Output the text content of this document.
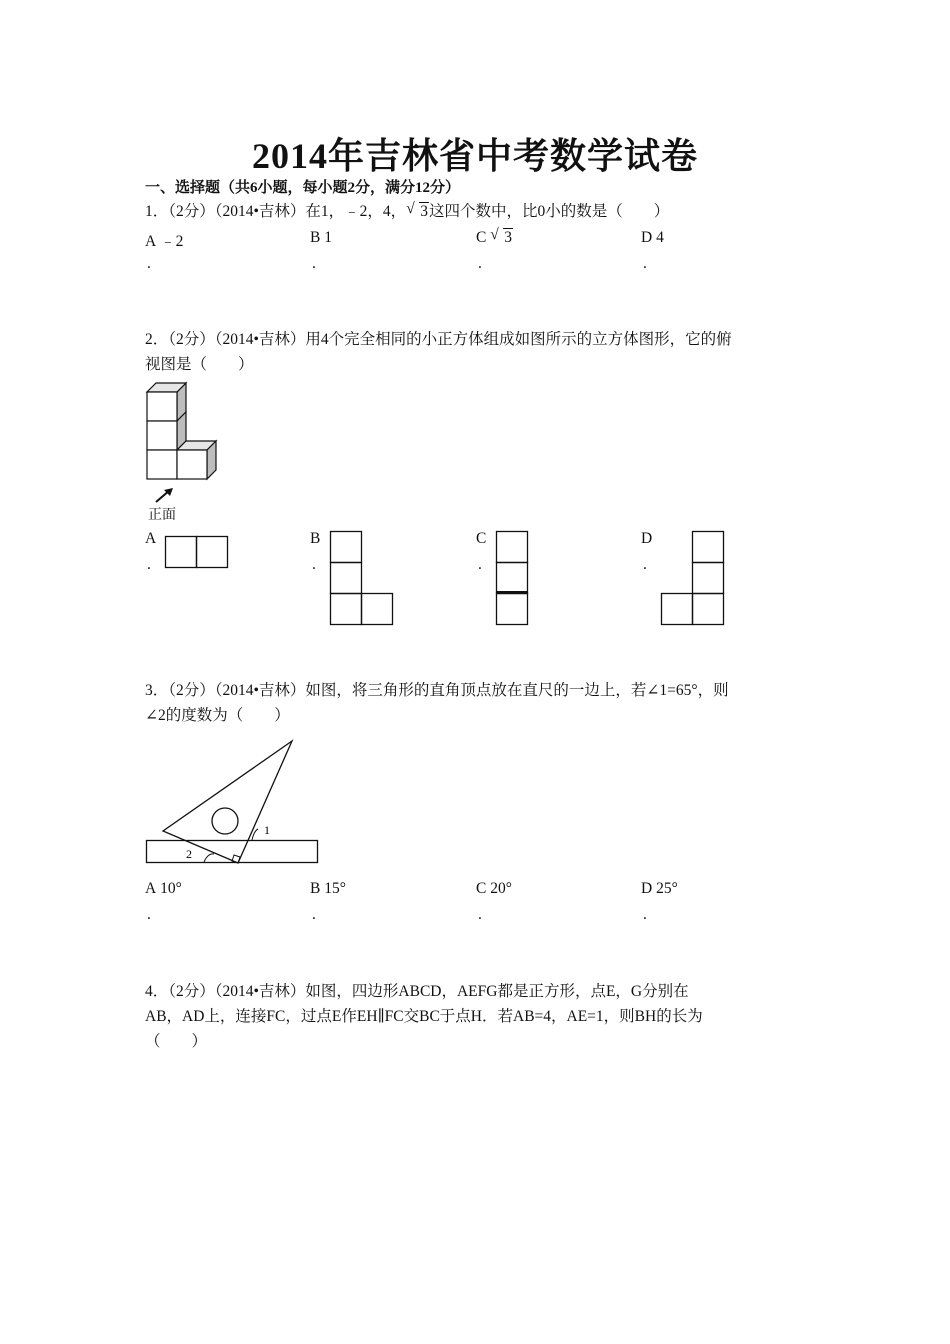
2014年吉林省中考数学试卷
一、选择题（共6小题，每小题2分，满分12分）
1．（2分）（2014•吉林）在1，﹣2，4， √ 3这四个数中，比0小的数是（　　）
A ﹣2	B 1	C √ 3	D 4
.	.	.	.
2．（2分）（2014•吉林）用4个完全相同的小正方体组成如图所示的立方体图形，它的俯
视图是（　　）
正面
A	B	C	D
.	.	.	.
3．（2分）（2014•吉林）如图，将三角形的直角顶点放在直尺的一边上，若∠1=65°，则
∠2的度数为（　　）
1
2
A 10°	B 15°	C 20°	D 25°
.	.	.	.
4．（2分）（2014•吉林）如图，四边形ABCD，AEFG都是正方形，点E，G分别在
AB，AD上，连接FC，过点E作EH∥FC交BC于点H．若AB=4，AE=1，则BH的长为
（　　）
